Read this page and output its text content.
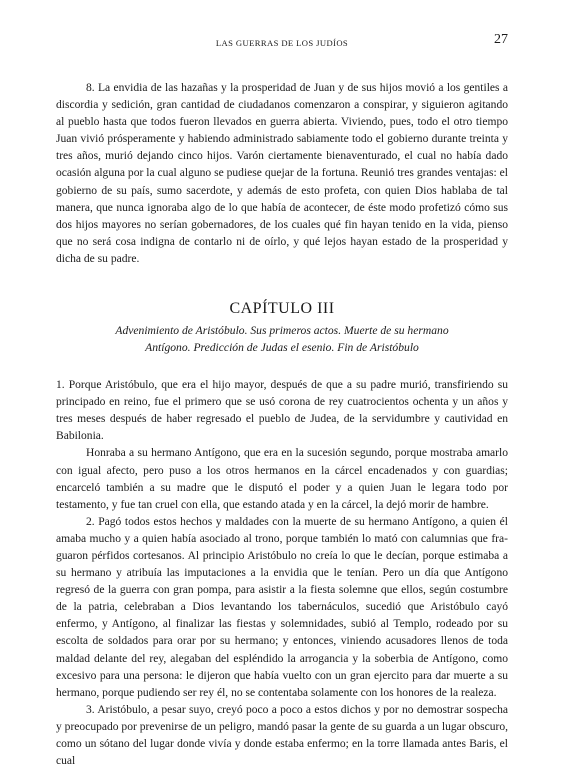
LAS GUERRAS DE LOS JUDÍOS	27

8. La envidia de las hazañas y la prosperidad de Juan y de sus hijos movió a los gentiles a discordia y sedición, gran cantidad de ciudadanos comenzaron a conspirar, y siguieron agitando al pueblo hasta que todos fueron llevados en guerra abierta. Viviendo, pues, todo el otro tiempo Juan vivió prósperamente y habiendo administrado sabiamente todo el gobierno durante treinta y tres años, murió dejando cinco hijos. Varón ciertamente bienaventurado, el cual no había dado ocasión alguna por la cual alguno se pudiese quejar de la fortuna. Reunió tres grandes ventajas: el gobierno de su país, sumo sacerdote, y además de esto profeta, con quien Dios hablaba de tal manera, que nunca ignoraba algo de lo que había de acontecer, de éste modo profetizó cómo sus dos hijos mayores no serían gobernadores, de los cuales qué fin hayan tenido en la vida, pienso que no será cosa indigna de contarlo ni de oírlo, y qué lejos hayan estado de la prosperidad y dicha de su padre.

CAPÍTULO III
Advenimiento de Aristóbulo. Sus primeros actos. Muerte de su hermano
Antígono. Predicción de Judas el esenio. Fin de Aristóbulo

1. Porque Aristóbulo, que era el hijo mayor, después de que a su padre murió, transfiriendo su principado en reino, fue el primero que se usó corona de rey cuatrocientos ochenta y un años y tres meses después de haber regresado el pueblo de Judea, de la servidumbre y cautividad en Babilonia.

Honraba a su hermano Antígono, que era en la sucesión segundo, porque mostraba amarlo con igual afecto, pero puso a los otros hermanos en la cárcel encadenados y con guardias; encarceló también a su madre que le disputó el poder y a quien Juan le legara todo por testamento, y fue tan cruel con ella, que estando atada y en la cárcel, la dejó morir de hambre.

2. Pagó todos estos hechos y maldades con la muerte de su hermano Antígono, a quien él amaba mucho y a quien había asociado al trono, porque también lo mató con calumnias que fraguaron pérfidos cortesanos. Al principio Aristóbulo no creía lo que le decían, porque estimaba a su hermano y atribuía las imputaciones a la envidia que le tenían. Pero un día que Antígono regresó de la guerra con gran pompa, para asistir a la fiesta solemne que ellos, según costumbre de la patria, celebraban a Dios levantando los tabernáculos, sucedió que Aristóbulo cayó enfermo, y Antígono, al finalizar las fiestas y solemnidades, subió al Templo, rodeado por su escolta de soldados para orar por su hermano; y entonces, viniendo acusadores llenos de toda maldad delante del rey, alegaban del espléndido la arrogancia y la soberbia de Antígono, como excesivo para una persona: le dijeron que había vuelto con un gran ejercito para dar muerte a su hermano, porque pudiendo ser rey él, no se contentaba solamente con los honores de la realeza.

3. Aristóbulo, a pesar suyo, creyó poco a poco a estos dichos y por no demostrar sospecha y preocupado por prevenirse de un peligro, mandó pasar la gente de su guarda a un lugar obscuro, como un sótano del lugar donde vivía y donde estaba enfermo; en la torre llamada antes Baris, el cual
